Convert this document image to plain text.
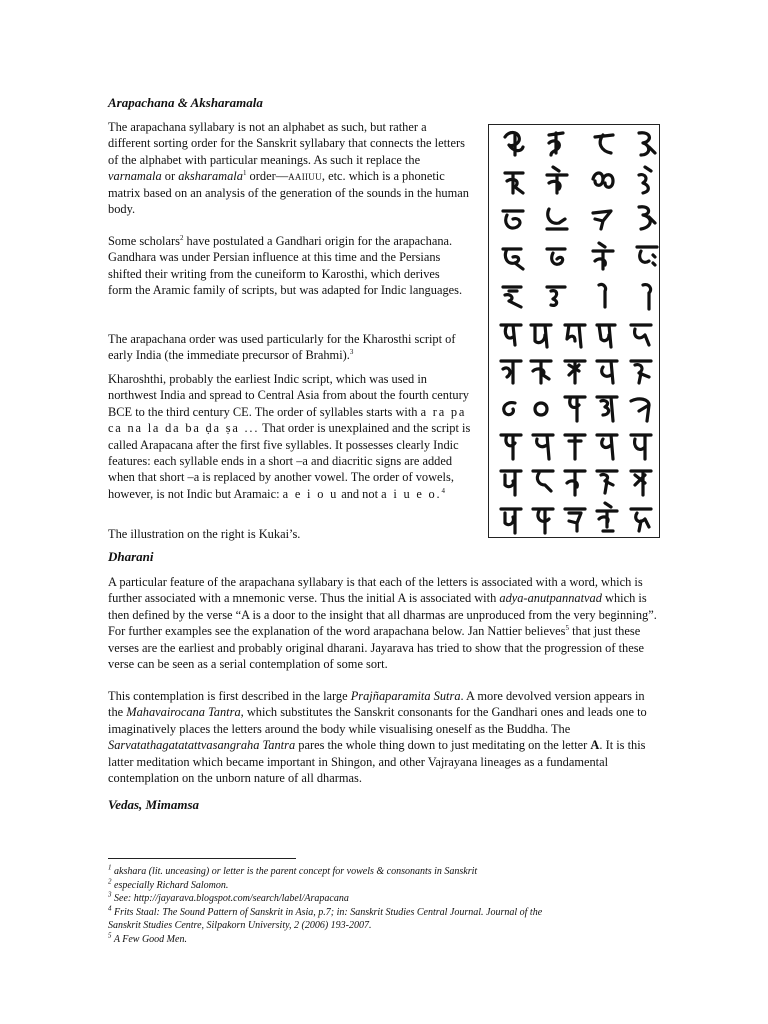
Arapachana & Aksharamala

The arapachana syllabary is not an alphabet as such, but rather a different sorting order for the Sanskrit syllabary that connects the letters of the alphabet with particular meanings. As such it replace the varnamala or aksharamala$^1$ order—aaiiuu, etc. which is a phonetic matrix based on an analysis of the generation of the sounds in the human body.

Some scholars$^2$ have postulated a Gandhari origin for the arapachana. Gandhara was under Persian influence at this time and the Persians shifted their writing from the cuneiform to Karosthi, which derives form the Aramic family of scripts, but was adapted for Indic languages.

The arapachana order was used particularly for the Kharosthi script of early India (the immediate precursor of Brahmi).$^3$

Kharoshthi, probably the earliest Indic script, which was used in northwest India and spread to Central Asia from about the fourth century BCE to the third century CE. The order of syllables starts with a ra pa ca na la da ba ḍa ṣa ... That order is unexplained and the script is called Arapacana after the first five syllables. It possesses clearly Indic features: each syllable ends in a short –a and diacritic signs are added when that short –a is replaced by another vowel. The order of vowels, however, is not Indic but Aramaic: a e i o u and not a i u e o.$^4$

The illustration on the right is Kukai’s.

Dharani

A particular feature of the arapachana syllabary is that each of the letters is associated with a word, which is further associated with a mnemonic verse. Thus the initial A is associated with adya-anutpannatvad which is then defined by the verse “A is a door to the insight that all dharmas are unproduced from the very beginning”. For further examples see the explanation of the word arapachana below. Jan Nattier believes$^5$ that just these verses are the earliest and probably original dharani. Jayarava has tried to show that the progression of these verse can be seen as a serial contemplation of some sort.

This contemplation is first described in the large Prajñaparamita Sutra. A more devolved version appears in the Mahavairocana Tantra, which substitutes the Sanskrit consonants for the Gandhari ones and leads one to imaginatively places the letters around the body while visualising oneself as the Buddha. The Sarvatathagatatattvasangraha Tantra pares the whole thing down to just meditating on the letter A. It is this latter meditation which became important in Shingon, and other Vajrayana lineages as a fundamental contemplation on the unborn nature of all dharmas.

Vedas, Mimamsa
$^1$ akshara (lit. unceasing) or letter is the parent concept for vowels & consonants in Sanskrit
$^2$ especially Richard Salomon.
$^3$ See: http://jayarava.blogspot.com/search/label/Arapacana
$^4$ Frits Staal: The Sound Pattern of Sanskrit in Asia, p.7; in: Sanskrit Studies Central Journal. Journal of the Sanskrit Studies Centre, Silpakorn University, 2 (2006) 193-2007.
$^5$ A Few Good Men.
